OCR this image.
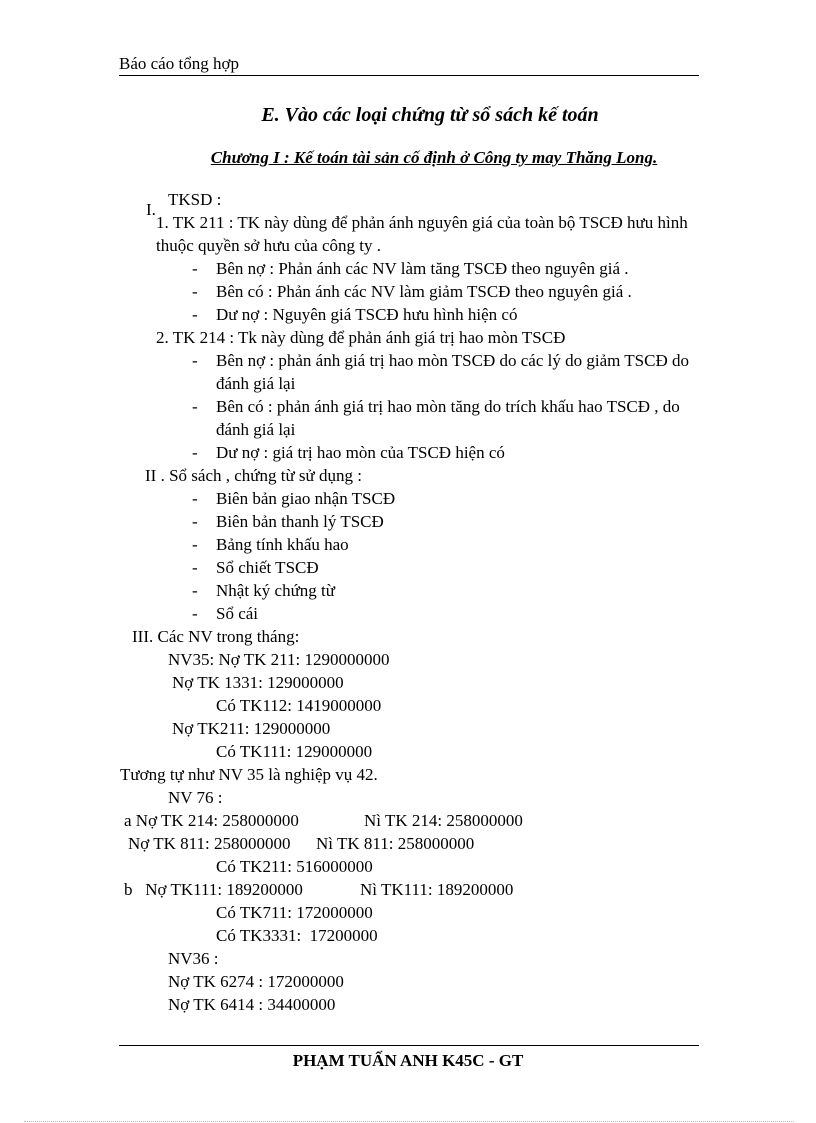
Báo cáo tổng hợp
E. Vào các loại chứng từ sổ sách kế toán
Chương I : Kế toán tài sản cố định ở Công ty may Thăng Long.
I.
TKSD :
1. TK 211 : TK này dùng để phản ánh nguyên giá của toàn bộ TSCĐ hưu hình
thuộc quyền sở hưu của công ty .
- Bên nợ : Phản ánh các NV làm tăng TSCĐ theo nguyên giá .
- Bên có : Phản ánh các NV làm giảm TSCĐ theo nguyên giá .
- Dư nợ : Nguyên giá TSCĐ hưu hình hiện có
2. TK 214 : Tk này dùng để phản ánh giá trị hao mòn TSCĐ
- Bên nợ : phản ánh giá trị hao mòn TSCĐ do các lý do giảm TSCĐ do
đánh giá lại
- Bên có : phản ánh giá trị hao mòn tăng do trích khấu hao TSCĐ , do
đánh giá lại
- Dư nợ : giá trị hao mòn của TSCĐ hiện có
II . Sổ sách , chứng từ sử dụng :
- Biên bản giao nhận TSCĐ
- Biên bản thanh lý TSCĐ
- Bảng tính khấu hao
- Sổ chiết TSCĐ
- Nhật ký chứng từ
- Sổ cái
III. Các NV trong tháng:
NV35: Nợ TK 211: 1290000000
Nợ TK 1331: 129000000
Có TK112: 1419000000
Nợ TK211: 129000000
Có TK111: 129000000
Tương tự như NV 35 là nghiệp vụ 42.
NV 76 :
a Nợ TK 214: 258000000	Nì TK 214: 258000000
Nợ TK 811: 258000000 Nì TK 811: 258000000
Có TK211: 516000000
b   Nợ TK111: 189200000	Nì TK111: 189200000
Có TK711: 172000000
Có TK3331:  17200000
NV36 :
Nợ TK 6274 : 172000000
Nợ TK 6414 : 34400000
PHẠM TUẤN ANH K45C - GT
